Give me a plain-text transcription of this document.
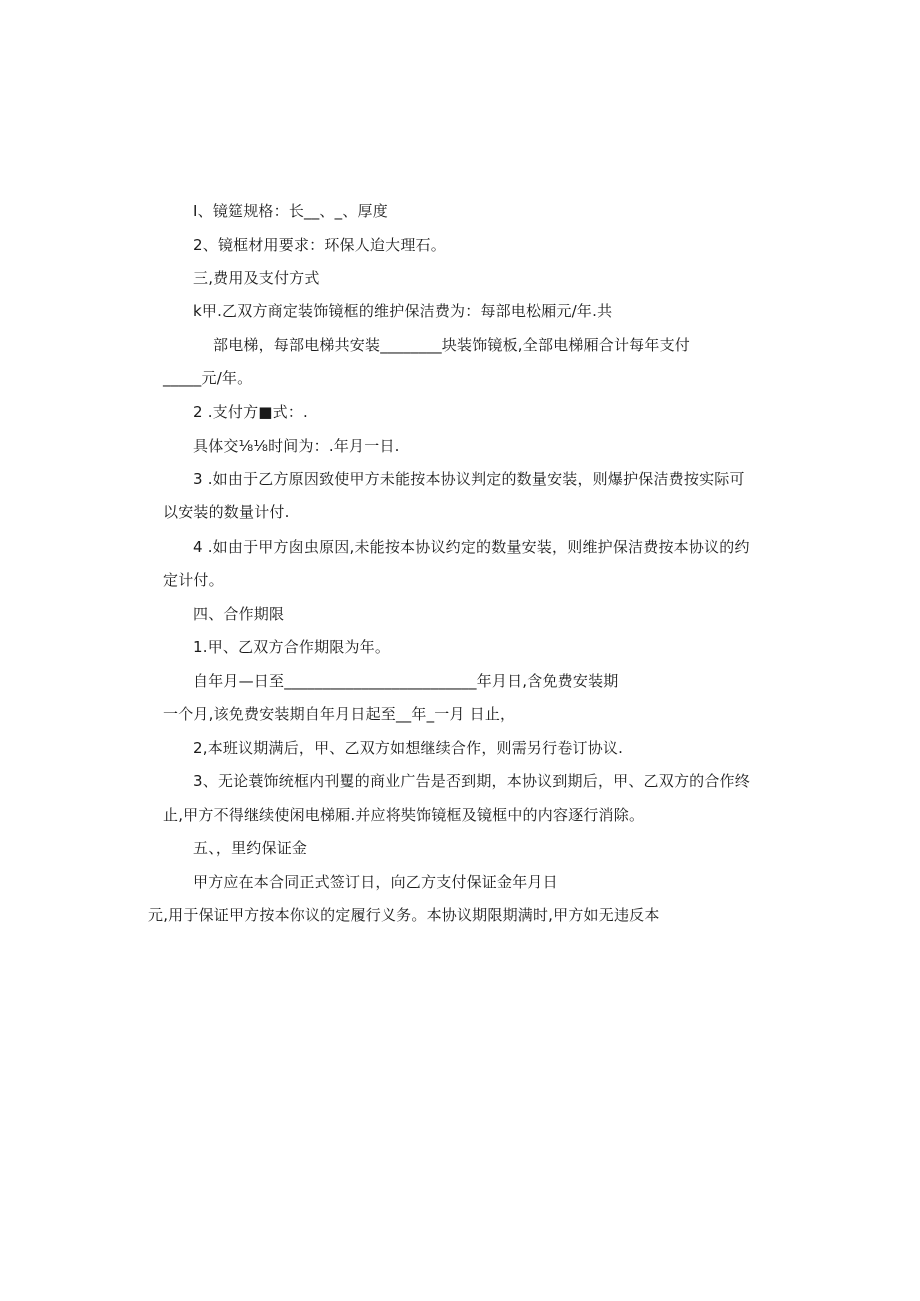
I、镜筵规格：长__、_、厚度
2、镜框材用要求：环保人迨大理石。
三,费用及支付方式
k甲.乙双方商定装饰镜框的维护保洁费为：每部电松厢元/年.共
部电梯，每部电梯共安装________块装饰镜板,全部电梯厢合计每年支付
_____元/年。
2 .支付方■式：.
具体交⅛⅛时间为：.年月一日.
3 .如由于乙方原因致使甲方未能按本协议判定的数量安装，则爆护保洁费按实际可
以安装的数量计付.
4 .如由于甲方囱虫原因,未能按本协议约定的数量安装，则维护保洁费按本协议的约
定计付。
四、合作期限
1.甲、乙双方合作期限为年。
自年月—日至_________________________年月日,含免费安装期
一个月,该免费安装期自年月日起至__年_一月 日止，
2,本班议期满后，甲、乙双方如想继续合作，则需另行卷订协议.
3、无论蓑饰统框内刊矍的商业广告是否到期，本协议到期后，甲、乙双方的合作终
止,甲方不得继续使闲电梯厢.并应将奘饰镜框及镜框中的内容逐行消除。
五、，里约保证金
甲方应在本合同正式签订日，向乙方支付保证金年月日
元,用于保证甲方按本你议的定履行义务。本协议期限期满时,甲方如无违反本
